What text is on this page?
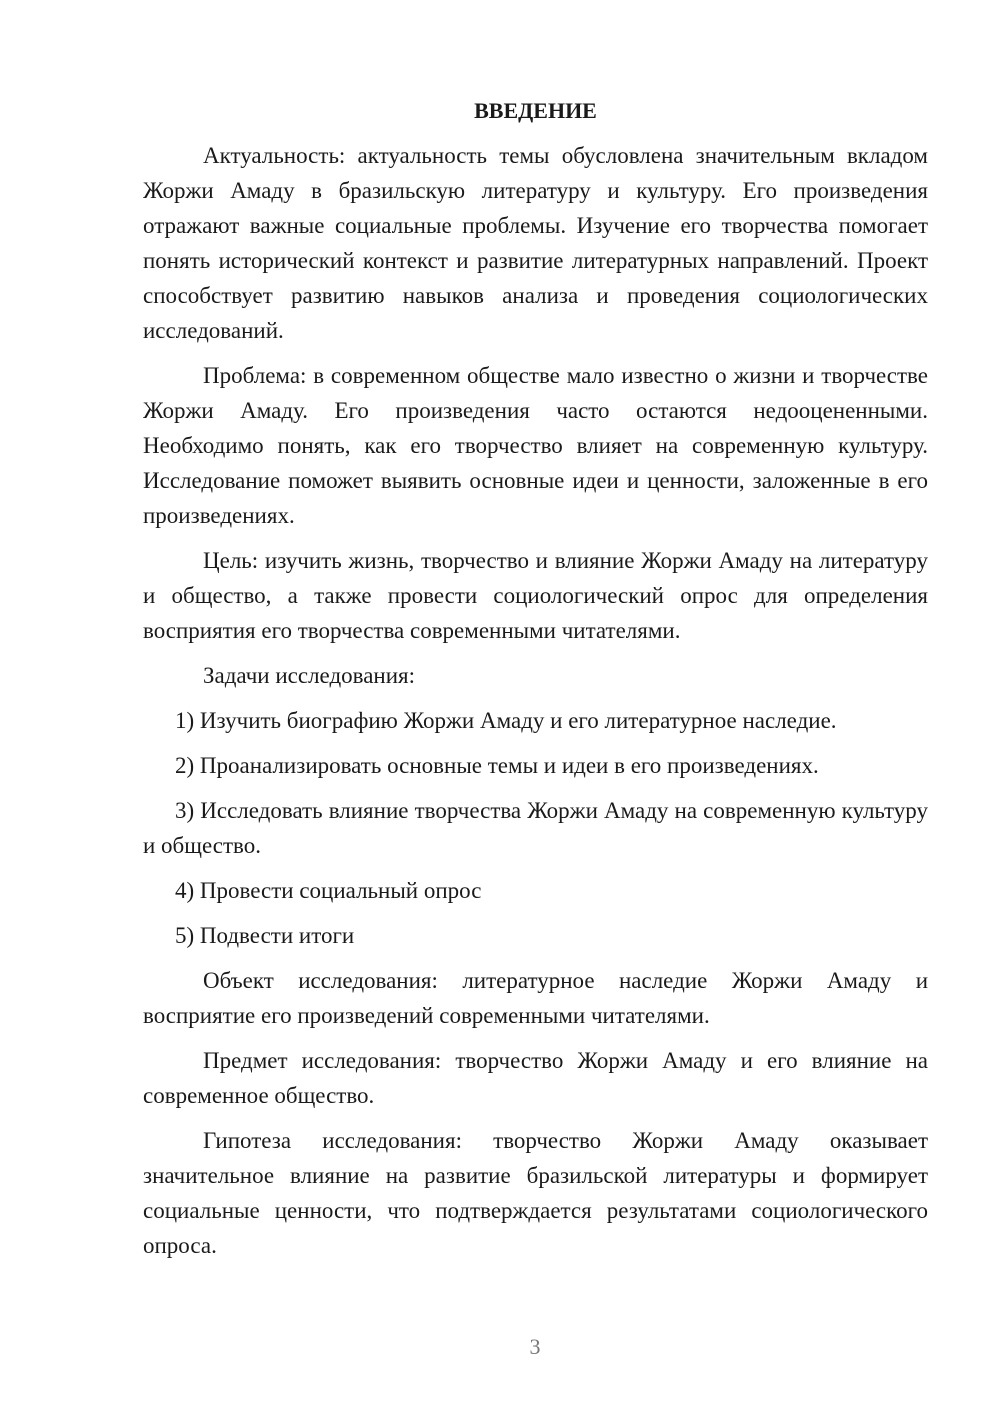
ВВЕДЕНИЕ

Актуальность: актуальность темы обусловлена значительным вкладом Жоржи Амаду в бразильскую литературу и культуру. Его произведения отражают важные социальные проблемы. Изучение его творчества помогает понять исторический контекст и развитие литературных направлений. Проект способствует развитию навыков анализа и проведения социологических исследований.

Проблема: в современном обществе мало известно о жизни и творчестве Жоржи Амаду. Его произведения часто остаются недооцененными. Необходимо понять, как его творчество влияет на современную культуру. Исследование поможет выявить основные идеи и ценности, заложенные в его произведениях.

Цель: изучить жизнь, творчество и влияние Жоржи Амаду на литературу и общество, а также провести социологический опрос для определения восприятия его творчества современными читателями.

Задачи исследования:

1) Изучить биографию Жоржи Амаду и его литературное наследие.

2) Проанализировать основные темы и идеи в его произведениях.

3) Исследовать влияние творчества Жоржи Амаду на современную культуру и общество.

4) Провести социальный опрос

5) Подвести итоги

Объект исследования: литературное наследие Жоржи Амаду и восприятие его произведений современными читателями.

Предмет исследования: творчество Жоржи Амаду и его влияние на современное общество.

Гипотеза исследования: творчество Жоржи Амаду оказывает значительное влияние на развитие бразильской литературы и формирует социальные ценности, что подтверждается результатами социологического опроса.

3
